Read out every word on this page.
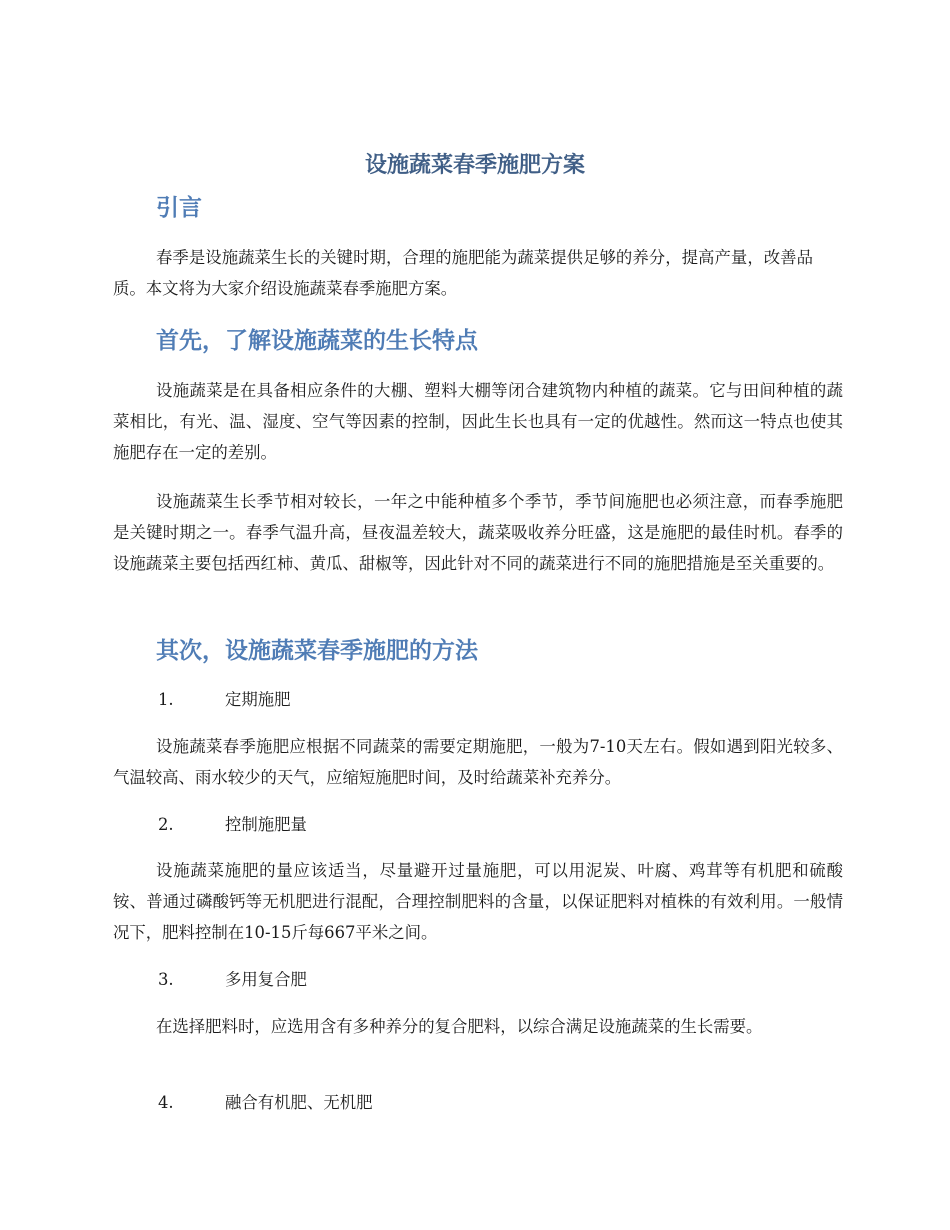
设施蔬菜春季施肥方案
引言
春季是设施蔬菜生长的关键时期，合理的施肥能为蔬菜提供足够的养分，提高产量，改善品质。本文将为大家介绍设施蔬菜春季施肥方案。
首先，了解设施蔬菜的生长特点
设施蔬菜是在具备相应条件的大棚、塑料大棚等闭合建筑物内种植的蔬菜。它与田间种植的蔬菜相比，有光、温、湿度、空气等因素的控制，因此生长也具有一定的优越性。然而这一特点也使其施肥存在一定的差别。
设施蔬菜生长季节相对较长，一年之中能种植多个季节，季节间施肥也必须注意，而春季施肥是关键时期之一。春季气温升高，昼夜温差较大，蔬菜吸收养分旺盛，这是施肥的最佳时机。春季的设施蔬菜主要包括西红柿、黄瓜、甜椒等，因此针对不同的蔬菜进行不同的施肥措施是至关重要的。
其次，设施蔬菜春季施肥的方法
1.	定期施肥
设施蔬菜春季施肥应根据不同蔬菜的需要定期施肥，一般为7-10天左右。假如遇到阳光较多、气温较高、雨水较少的天气，应缩短施肥时间，及时给蔬菜补充养分。
2.	控制施肥量
设施蔬菜施肥的量应该适当，尽量避开过量施肥，可以用泥炭、叶腐、鸡茸等有机肥和硫酸铵、普通过磷酸钙等无机肥进行混配，合理控制肥料的含量，以保证肥料对植株的有效利用。一般情况下，肥料控制在10-15斤每667平米之间。
3.	多用复合肥
在选择肥料时，应选用含有多种养分的复合肥料，以综合满足设施蔬菜的生长需要。
4.	融合有机肥、无机肥
